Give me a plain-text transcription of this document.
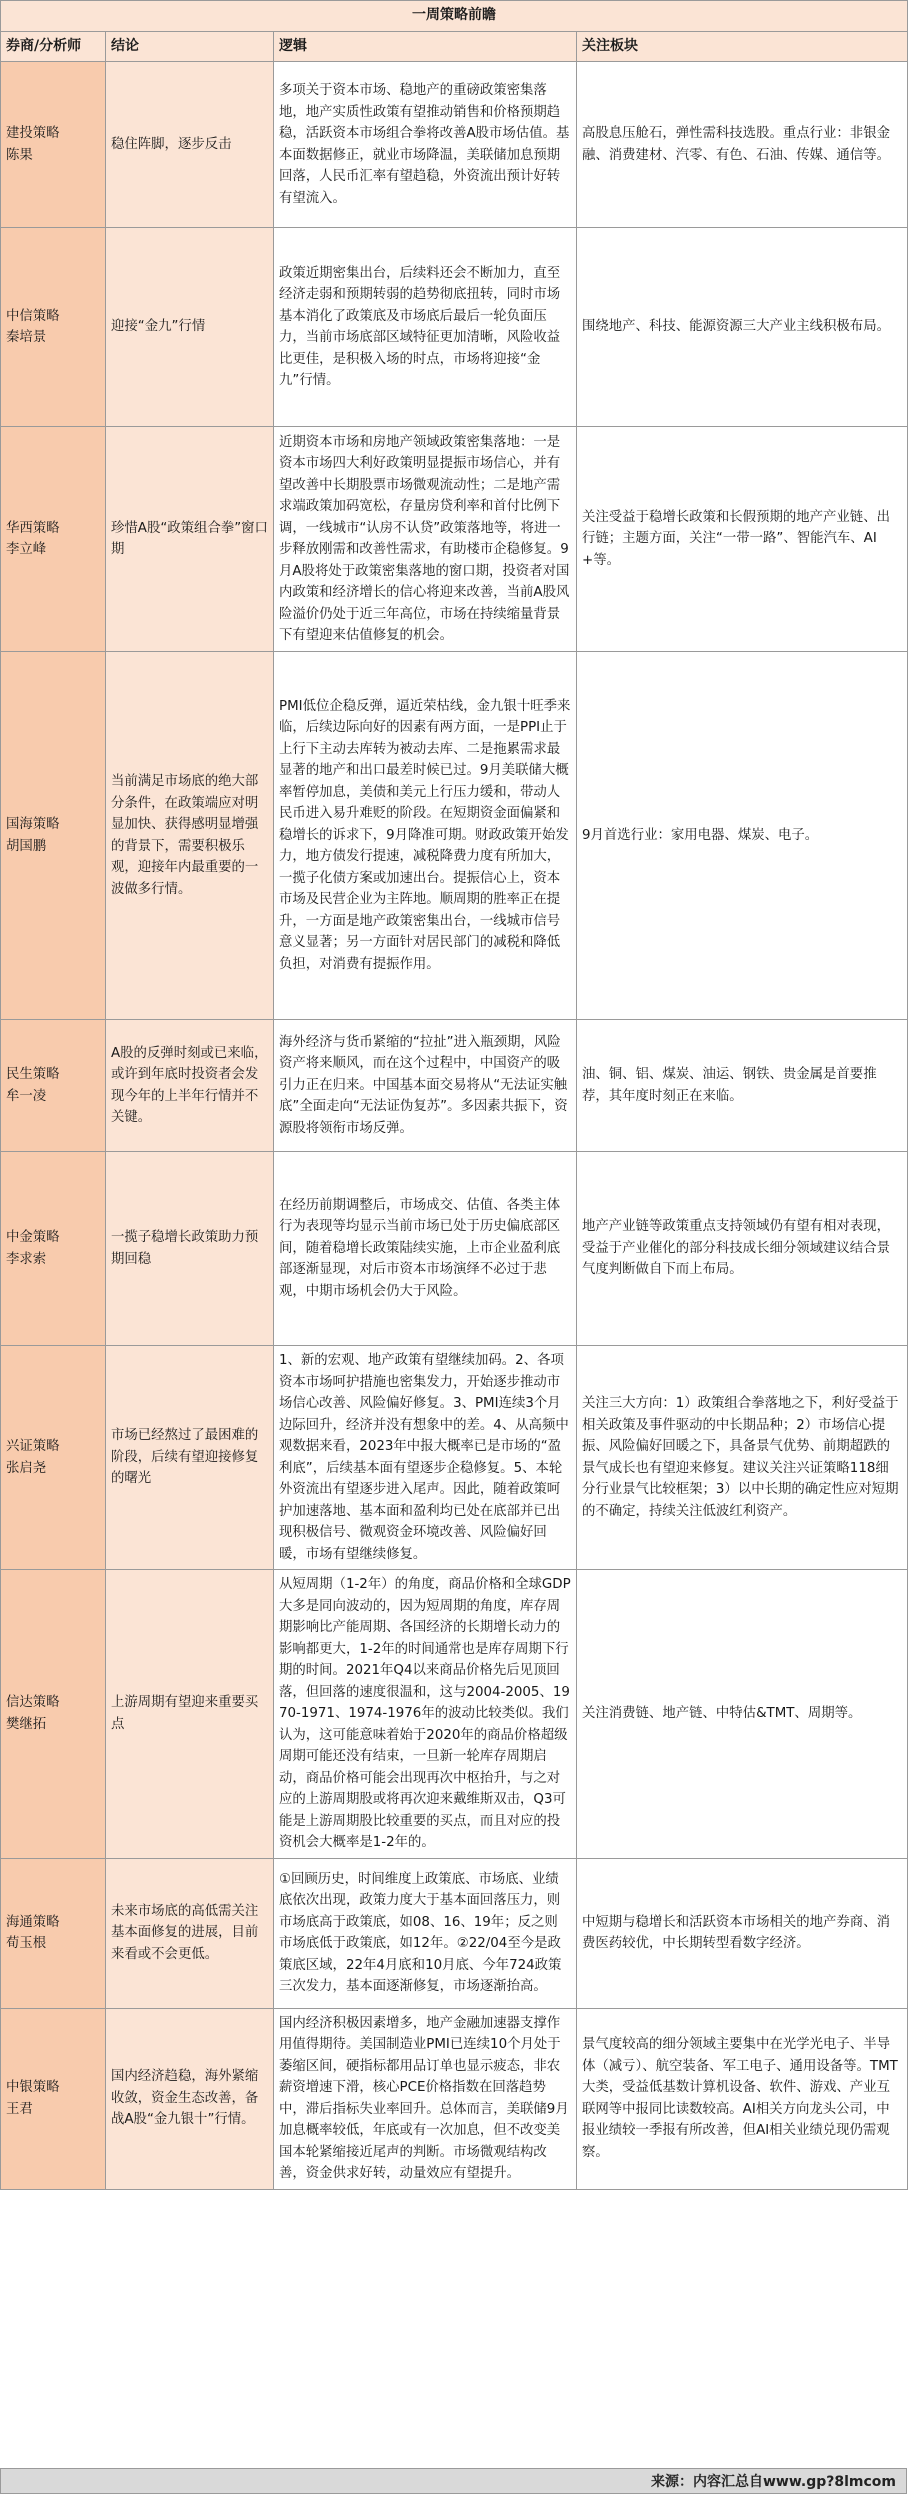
一周策略前瞻			
券商/分析师	结论	逻辑	关注板块

建投策略
陈果	稳住阵脚，逐步反击	多项关于资本市场、稳地产的重磅政策密集落地，地产实质性政策有望推动销售和价格预期趋稳，活跃资本市场组合拳将改善A股市场估值。基本面数据修正，就业市场降温，美联储加息预期回落，人民币汇率有望趋稳，外资流出预计好转有望流入。	高股息压舱石，弹性需科技选股。重点行业：非银金融、消费建材、汽零、有色、石油、传媒、通信等。

中信策略
秦培景	迎接“金九”行情	政策近期密集出台，后续料还会不断加力，直至经济走弱和预期转弱的趋势彻底扭转，同时市场基本消化了政策底及市场底后最后一轮负面压力，当前市场底部区域特征更加清晰，风险收益比更佳，是积极入场的时点，市场将迎接“金九”行情。	围绕地产、科技、能源资源三大产业主线积极布局。

华西策略
李立峰	珍惜A股“政策组合拳”窗口期	近期资本市场和房地产领域政策密集落地：一是资本市场四大利好政策明显提振市场信心，并有望改善中长期股票市场微观流动性；二是地产需求端政策加码宽松，存量房贷利率和首付比例下调，一线城市“认房不认贷”政策落地等，将进一步释放刚需和改善性需求，有助楼市企稳修复。9月A股将处于政策密集落地的窗口期，投资者对国内政策和经济增长的信心将迎来改善，当前A股风险溢价仍处于近三年高位，市场在持续缩量背景下有望迎来估值修复的机会。	关注受益于稳增长政策和长假预期的地产产业链、出行链；主题方面，关注“一带一路”、智能汽车、AI+等。

国海策略
胡国鹏	当前满足市场底的绝大部分条件，在政策端应对明显加快、获得感明显增强的背景下，需要积极乐观，迎接年内最重要的一波做多行情。	PMI低位企稳反弹，逼近荣枯线，金九银十旺季来临，后续边际向好的因素有两方面，一是PPI止于上行下主动去库转为被动去库、二是拖累需求最显著的地产和出口最差时候已过。9月美联储大概率暂停加息，美债和美元上行压力缓和，带动人民币进入易升难贬的阶段。在短期资金面偏紧和稳增长的诉求下，9月降准可期。财政政策开始发力，地方债发行提速，减税降费力度有所加大，一揽子化债方案或加速出台。提振信心上，资本市场及民营企业为主阵地。顺周期的胜率正在提升，一方面是地产政策密集出台，一线城市信号意义显著；另一方面针对居民部门的减税和降低负担，对消费有提振作用。	9月首选行业：家用电器、煤炭、电子。

民生策略
牟一凌	A股的反弹时刻或已来临，或许到年底时投资者会发现今年的上半年行情并不关键。	海外经济与货币紧缩的“拉扯”进入瓶颈期，风险资产将来顺风，而在这个过程中，中国资产的吸引力正在归来。中国基本面交易将从“无法证实触底”全面走向“无法证伪复苏”。多因素共振下，资源股将领衔市场反弹。	油、铜、铝、煤炭、油运、钢铁、贵金属是首要推荐，其年度时刻正在来临。

中金策略
李求索	一揽子稳增长政策助力预期回稳	在经历前期调整后，市场成交、估值、各类主体行为表现等均显示当前市场已处于历史偏底部区间，随着稳增长政策陆续实施，上市企业盈利底部逐渐显现，对后市资本市场演绎不必过于悲观，中期市场机会仍大于风险。	地产产业链等政策重点支持领域仍有望有相对表现，受益于产业催化的部分科技成长细分领域建议结合景气度判断做自下而上布局。

兴证策略
张启尧	市场已经熬过了最困难的阶段，后续有望迎接修复的曙光	1、新的宏观、地产政策有望继续加码。2、各项资本市场呵护措施也密集发力，开始逐步推动市场信心改善、风险偏好修复。3、PMI连续3个月边际回升，经济并没有想象中的差。4、从高频中观数据来看，2023年中报大概率已是市场的“盈利底”，后续基本面有望逐步企稳修复。5、本轮外资流出有望逐步进入尾声。因此，随着政策呵护加速落地、基本面和盈利均已处在底部并已出现积极信号、微观资金环境改善、风险偏好回暖，市场有望继续修复。	关注三大方向：1）政策组合拳落地之下，利好受益于相关政策及事件驱动的中长期品种；2）市场信心提振、风险偏好回暖之下，具备景气优势、前期超跌的景气成长也有望迎来修复。建议关注兴证策略118细分行业景气比较框架；3）以中长期的确定性应对短期的不确定，持续关注低波红利资产。

信达策略
樊继拓	上游周期有望迎来重要买点	从短周期（1-2年）的角度，商品价格和全球GDP大多是同向波动的，因为短周期的角度，库存周期影响比产能周期、各国经济的长期增长动力的影响都更大，1-2年的时间通常也是库存周期下行期的时间。2021年Q4以来商品价格先后见顶回落，但回落的速度很温和，这与2004-2005、1970-1971、1974-1976年的波动比较类似。我们认为，这可能意味着始于2020年的商品价格超级周期可能还没有结束，一旦新一轮库存周期启动，商品价格可能会出现再次中枢抬升，与之对应的上游周期股或将再次迎来戴维斯双击，Q3可能是上游周期股比较重要的买点，而且对应的投资机会大概率是1-2年的。	关注消费链、地产链、中特估&TMT、周期等。

海通策略
荀玉根	未来市场底的高低需关注基本面修复的进展，目前来看或不会更低。	①回顾历史，时间维度上政策底、市场底、业绩底依次出现，政策力度大于基本面回落压力，则市场底高于政策底，如08、16、19年；反之则市场底低于政策底，如12年。②22/04至今是政策底区域，22年4月底和10月底、今年724政策三次发力，基本面逐渐修复，市场逐渐抬高。	中短期与稳增长和活跃资本市场相关的地产券商、消费医药较优，中长期转型看数字经济。

中银策略
王君	国内经济趋稳，海外紧缩收敛，资金生态改善，备战A股“金九银十”行情。	国内经济积极因素增多，地产金融加速器支撑作用值得期待。美国制造业PMI已连续10个月处于萎缩区间，硬指标都用品订单也显示疲态，非农薪资增速下滑，核心PCE价格指数在回落趋势中，滞后指标失业率回升。总体而言，美联储9月加息概率较低，年底或有一次加息，但不改变美国本轮紧缩接近尾声的判断。市场微观结构改善，资金供求好转，动量效应有望提升。	景气度较高的细分领域主要集中在光学光电子、半导体（减亏）、航空装备、军工电子、通用设备等。TMT大类，受益低基数计算机设备、软件、游戏、产业互联网等中报同比读数较高。AI相关方向龙头公司，中报业绩较一季报有所改善，但AI相关业绩兑现仍需观察。
来源：内容汇总自www.gp?8lmcom
